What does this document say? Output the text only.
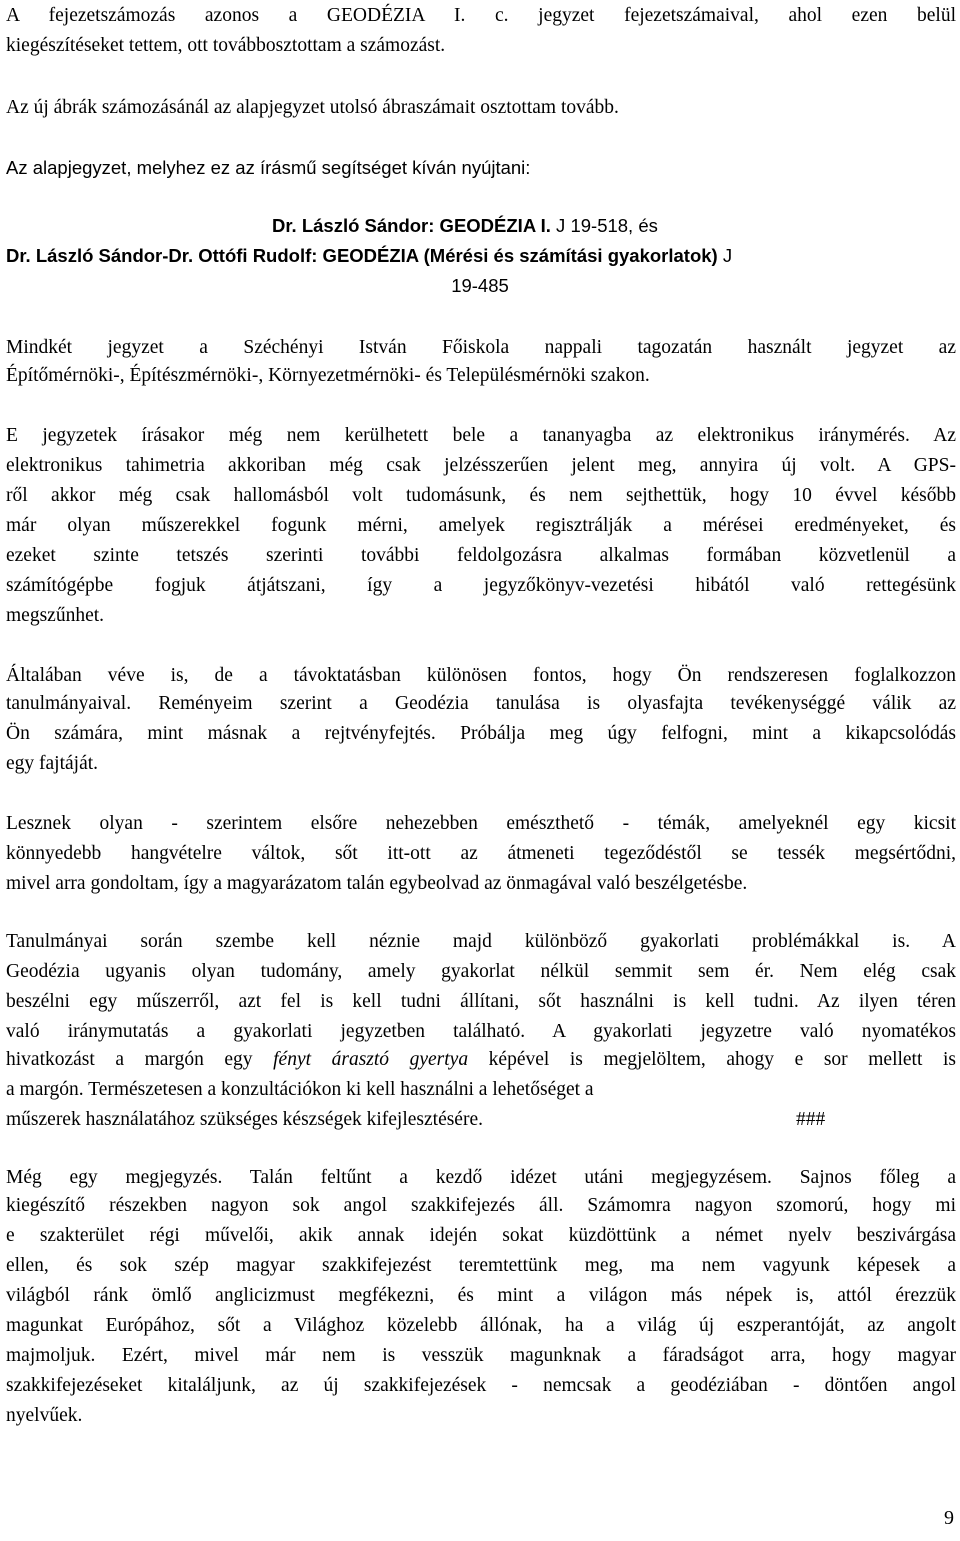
A fejezetszámozás azonos a GEODÉZIA I. c. jegyzet fejezetszámaival, ahol ezen belül
kiegészítéseket tettem, ott továbbosztottam a számozást.
Az új ábrák számozásánál az alapjegyzet utolsó ábraszámait osztottam tovább.
Az alapjegyzet, melyhez ez az írásmű segítséget kíván nyújtani:
Dr. László Sándor: GEODÉZIA I. J 19-518, és
Dr. László Sándor-Dr. Ottófi Rudolf: GEODÉZIA (Mérési és számítási gyakorlatok) J
19-485
Mindkét jegyzet a Széchényi István Főiskola nappali tagozatán használt jegyzet az
Építőmérnöki-, Építészmérnöki-, Környezetmérnöki- és Településmérnöki szakon.
E jegyzetek írásakor még nem kerülhetett bele a tananyagba az elektronikus iránymérés. Az
elektronikus tahimetria akkoriban még csak jelzésszerűen jelent meg, annyira új volt. A GPS-
ről akkor még csak hallomásból volt tudomásunk, és nem sejthettük, hogy 10 évvel később
már olyan műszerekkel fogunk mérni, amelyek regisztrálják a mérései eredményeket, és
ezeket szinte tetszés szerinti további feldolgozásra alkalmas formában közvetlenül a
számítógépbe fogjuk átjátszani, így a jegyzőkönyv-vezetési hibától való rettegésünk
megszűnhet.
Általában véve is, de a távoktatásban különösen fontos, hogy Ön rendszeresen foglalkozzon
tanulmányaival. Reményeim szerint a Geodézia tanulása is olyasfajta tevékenységgé válik az
Ön számára, mint másnak a rejtvényfejtés. Próbálja meg úgy felfogni, mint a kikapcsolódás
egy fajtáját.
Lesznek olyan - szerintem elsőre nehezebben emészthető - témák, amelyeknél egy kicsit
könnyedebb hangvételre váltok, sőt itt-ott az átmeneti tegeződéstől se tessék megsértődni,
mivel arra gondoltam, így a magyarázatom talán egybeolvad az önmagával való beszélgetésbe.
Tanulmányai során szembe kell néznie majd különböző gyakorlati problémákkal is. A
Geodézia ugyanis olyan tudomány, amely gyakorlat nélkül semmit sem ér. Nem elég csak
beszélni egy műszerről, azt fel is kell tudni állítani, sőt használni is kell tudni. Az ilyen téren
való iránymutatás a gyakorlati jegyzetben található. A gyakorlati jegyzetre való nyomatékos
hivatkozást a margón egy fényt árasztó gyertya képével is megjelöltem, ahogy e sor mellett is
a margón. Természetesen a konzultációkon ki kell használni a lehetőséget a
műszerek használatához szükséges készségek kifejlesztésére.	###
Még egy megjegyzés. Talán feltűnt a kezdő idézet utáni megjegyzésem. Sajnos főleg a
kiegészítő részekben nagyon sok angol szakkifejezés áll. Számomra nagyon szomorú, hogy mi
e szakterület régi művelői, akik annak idején sokat küzdöttünk a német nyelv beszivárgása
ellen, és sok szép magyar szakkifejezést teremtettünk meg, ma nem vagyunk képesek a
világból ránk ömlő anglicizmust megfékezni, és mint a világon más népek is, attól érezzük
magunkat Európához, sőt a Világhoz közelebb állónak, ha a világ új eszperantóját, az angolt
majmoljuk. Ezért, mivel már nem is vesszük magunknak a fáradságot arra, hogy magyar
szakkifejezéseket kitaláljunk, az új szakkifejezések - nemcsak a geodéziában - döntően angol
nyelvűek.
9
